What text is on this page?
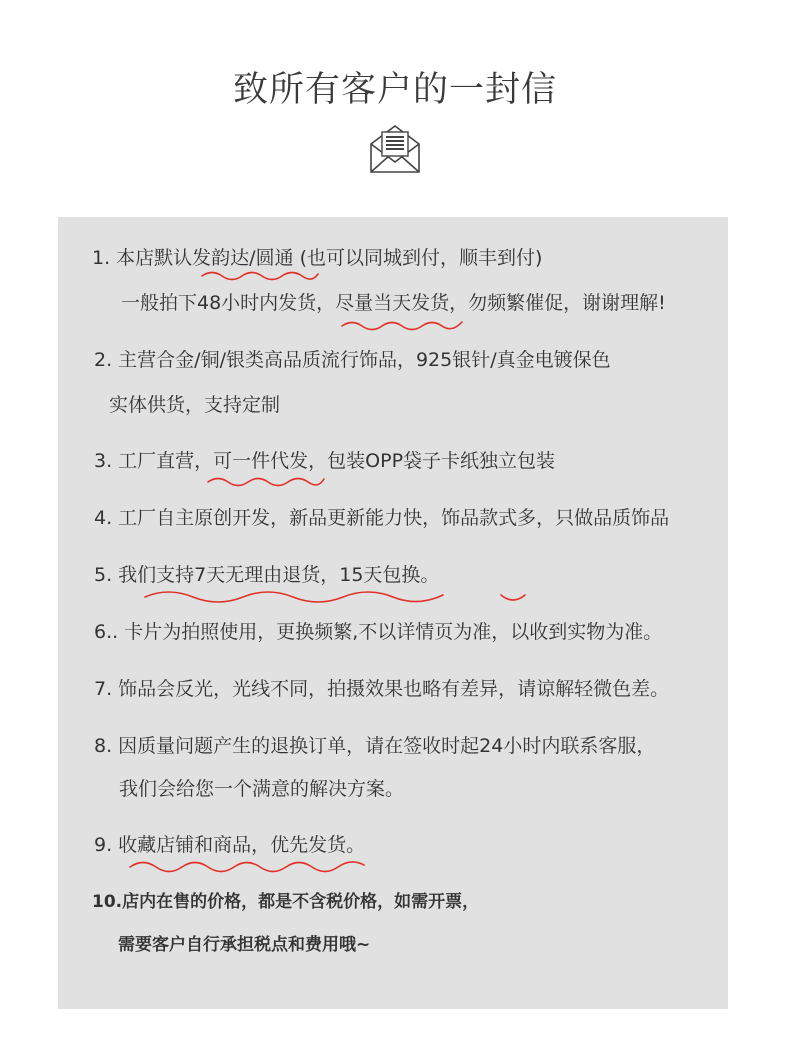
致所有客户的一封信
1. 本店默认发韵达/圆通 (也可以同城到付，顺丰到付)
一般拍下48小时内发货，尽量当天发货，勿频繁催促，谢谢理解!
2. 主营合金/铜/银类高品质流行饰品，925银针/真金电镀保色
实体供货，支持定制
3. 工厂直营，可一件代发，包装OPP袋子卡纸独立包装
4. 工厂自主原创开发，新品更新能力快，饰品款式多，只做品质饰品
5. 我们支持7天无理由退货，15天包换。
6.. 卡片为拍照使用，更换频繁,不以详情页为准，以收到实物为准。
7. 饰品会反光，光线不同，拍摄效果也略有差异，请谅解轻微色差。
8. 因质量问题产生的退换订单，请在签收时起24小时内联系客服，
我们会给您一个满意的解决方案。
9. 收藏店铺和商品，优先发货。
10.店内在售的价格，都是不含税价格，如需开票，
需要客户自行承担税点和费用哦~
